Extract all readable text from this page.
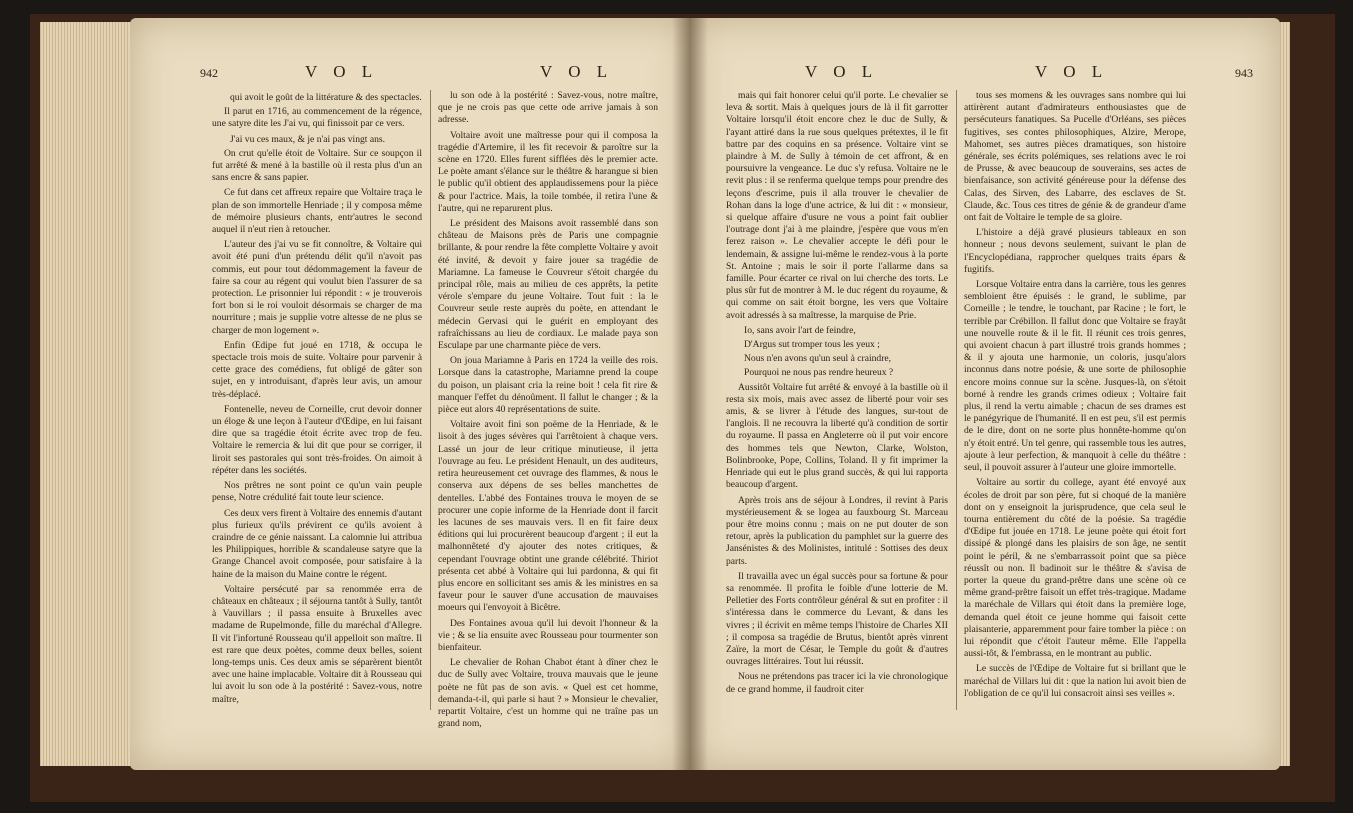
942	V O L	V O L

qui avoit le goût de la littérature & des spectacles.

Il parut en 1716, au commencement de la régence, une satyre dite les J'ai vu, qui finissoit par ce vers.

J'ai vu ces maux, & je n'ai pas vingt ans.

On crut qu'elle étoit de Voltaire. Sur ce soupçon il fut arrêté & mené à la bastille où il resta plus d'un an sans encre & sans papier.

Ce fut dans cet affreux repaire que Voltaire traça le plan de son immortelle Henriade ; il y composa même de mémoire plusieurs chants, entr'autres le second auquel il n'eut rien à retoucher.

L'auteur des j'ai vu se fit connoître, & Voltaire qui avoit été puni d'un prétendu délit qu'il n'avoit pas commis, eut pour tout dédommagement la faveur de faire sa cour au régent qui voulut bien l'assurer de sa protection. Le prisonnier lui répondit : « je trouverois fort bon si le roi vouloit désormais se charger de ma nourriture ; mais je supplie votre altesse de ne plus se charger de mon logement ».

Enfin Œdipe fut joué en 1718, & occupa le spectacle trois mois de suite. Voltaire pour parvenir à cette grace des comédiens, fut obligé de gâter son sujet, en y introduisant, d'après leur avis, un amour très-déplacé.

Fontenelle, neveu de Corneille, crut devoir donner un éloge & une leçon à l'auteur d'Œdipe, en lui faisant dire que sa tragédie étoit écrite avec trop de feu. Voltaire le remercia & lui dit que pour se corriger, il liroit ses pastorales qui sont très-froides. On aimoit à répéter dans les sociétés.

Nos prêtres ne sont point ce qu'un vain peuple pense, Notre crédulité fait toute leur science.

Ces deux vers firent à Voltaire des ennemis d'autant plus furieux qu'ils prévirent ce qu'ils avoient à craindre de ce génie naissant. La calomnie lui attribua les Philippiques, horrible & scandaleuse satyre que la Grange Chancel avoit composée, pour satisfaire à la haine de la maison du Maine contre le régent.

Voltaire persécuté par sa renommée erra de châteaux en châteaux ; il séjourna tantôt à Sully, tantôt à Vauvillars ; il passa ensuite à Bruxelles avec madame de Rupelmonde, fille du maréchal d'Allegre. Il vit l'infortuné Rousseau qu'il appelloit son maître. Il est rare que deux poètes, comme deux belles, soient long-temps unis. Ces deux amis se séparèrent bientôt avec une haine implacable. Voltaire dit à Rousseau qui lui avoit lu son ode à la postérité : Savez-vous, notre maître,

lu son ode à la postérité : Savez-vous, notre maître, que je ne crois pas que cette ode arrive jamais à son adresse.

Voltaire avoit une maîtresse pour qui il composa la tragédie d'Artemire, il les fit recevoir & paroître sur la scène en 1720. Elles furent sifflées dès le premier acte. Le poète amant s'élance sur le théâtre & harangue si bien le public qu'il obtient des applaudissemens pour la pièce & pour l'actrice. Mais, la toile tombée, il retira l'une & l'autre, qui ne reparurent plus.

Le président des Maisons avoit rassemblé dans son château de Maisons près de Paris une compagnie brillante, & pour rendre la fête complette Voltaire y avoit été invité, & devoit y faire jouer sa tragédie de Mariamne. La fameuse le Couvreur s'étoit chargée du principal rôle, mais au milieu de ces apprêts, la petite vérole s'empare du jeune Voltaire. Tout fuit : la le Couvreur seule reste auprès du poète, en attendant le médecin Gervasi qui le guérit en employant des rafraîchissans au lieu de cordiaux. Le malade paya son Esculape par une charmante pièce de vers.

On joua Mariamne à Paris en 1724 la veille des rois. Lorsque dans la catastrophe, Mariamne prend la coupe du poison, un plaisant cria la reine boit ! cela fit rire & manquer l'effet du dénoûment. Il fallut le changer ; & la pièce eut alors 40 représentations de suite.

Voltaire avoit fini son poëme de la Henriade, & le lisoit à des juges sévères qui l'arrêtoient à chaque vers. Lassé un jour de leur critique minutieuse, il jetta l'ouvrage au feu. Le président Henault, un des auditeurs, retira heureusement cet ouvrage des flammes, & nous le conserva aux dépens de ses belles manchettes de dentelles. L'abbé des Fontaines trouva le moyen de se procurer une copie informe de la Henriade dont il farcit les lacunes de ses mauvais vers. Il en fit faire deux éditions qui lui procurèrent beaucoup d'argent ; il eut la malhonnêteté d'y ajouter des notes critiques, & cependant l'ouvrage obtint une grande célébrité. Thiriot présenta cet abbé à Voltaire qui lui pardonna, & qui fit plus encore en sollicitant ses amis & les ministres en sa faveur pour le sauver d'une accusation de mauvaises moeurs qui l'envoyoit à Bicêtre.

Des Fontaines avoua qu'il lui devoit l'honneur & la vie ; & se lia ensuite avec Rousseau pour tourmenter son bienfaiteur.

Le chevalier de Rohan Chabot étant à dîner chez le duc de Sully avec Voltaire, trouva mauvais que le jeune poète ne fût pas de son avis. « Quel est cet homme, demanda-t-il, qui parle si haut ? » Monsieur le chevalier, repartit Voltaire, c'est un homme qui ne traîne pas un grand nom,

943
V O L	V O L

mais qui fait honorer celui qu'il porte. Le chevalier se leva & sortit. Mais à quelques jours de là il fit garrotter Voltaire lorsqu'il étoit encore chez le duc de Sully, & l'ayant attiré dans la rue sous quelques prétextes, il le fit battre par des coquins en sa présence. Voltaire vint se plaindre à M. de Sully à témoin de cet affront, & en poursuivre la vengeance. Le duc s'y refusa. Voltaire ne le revit plus : il se renferma quelque temps pour prendre des leçons d'escrime, puis il alla trouver le chevalier de Rohan dans la loge d'une actrice, & lui dit : « monsieur, si quelque affaire d'usure ne vous a point fait oublier l'outrage dont j'ai à me plaindre, j'espère que vous m'en ferez raison ». Le chevalier accepte le défi pour le lendemain, & assigne lui-même le rendez-vous à la porte St. Antoine ; mais le soir il porte l'allarme dans sa famille. Pour écarter ce rival on lui cherche des torts. Le plus sûr fut de montrer à M. le duc régent du royaume, & qui comme on sait étoit borgne, les vers que Voltaire avoit adressés à sa maîtresse, la marquise de Prie.

Io, sans avoir l'art de feindre,

D'Argus sut tromper tous les yeux ;

Nous n'en avons qu'un seul à craindre,

Pourquoi ne nous pas rendre heureux ?

Aussitôt Voltaire fut arrêté & envoyé à la bastille où il resta six mois, mais avec assez de liberté pour voir ses amis, & se livrer à l'étude des langues, sur-tout de l'anglois. Il ne recouvra la liberté qu'à condition de sortir du royaume. Il passa en Angleterre où il put voir encore des hommes tels que Newton, Clarke, Wolston, Bolinbrooke, Pope, Collins, Toland. Il y fit imprimer la Henriade qui eut le plus grand succès, & qui lui rapporta beaucoup d'argent.

Après trois ans de séjour à Londres, il revint à Paris mystérieusement & se logea au fauxbourg St. Marceau pour être moins connu ; mais on ne put douter de son retour, après la publication du pamphlet sur la guerre des Jansénistes & des Molinistes, intitulé : Sottises des deux parts.

Il travailla avec un égal succès pour sa fortune & pour sa renommée. Il profita le foible d'une lotterie de M. Pelletier des Forts contrôleur général & sut en profiter : il s'intéressa dans le commerce du Levant, & dans les vivres ; il écrivit en même temps l'histoire de Charles XII ; il composa sa tragédie de Brutus, bientôt après vinrent Zaïre, la mort de César, le Temple du goût & d'autres ouvrages littéraires. Tout lui réussit.

Nous ne prétendons pas tracer ici la vie chronologique de ce grand homme, il faudroit citer

tous ses momens & les ouvrages sans nombre qui lui attirèrent autant d'admirateurs enthousiastes que de persécuteurs fanatiques. Sa Pucelle d'Orléans, ses pièces fugitives, ses contes philosophiques, Alzire, Merope, Mahomet, ses autres pièces dramatiques, son histoire générale, ses écrits polémiques, ses relations avec le roi de Prusse, & avec beaucoup de souverains, ses actes de bienfaisance, son activité généreuse pour la défense des Calas, des Sirven, des Labarre, des esclaves de St. Claude, &c. Tous ces titres de génie & de grandeur d'ame ont fait de Voltaire le temple de sa gloire.

L'histoire a déjà gravé plusieurs tableaux en son honneur ; nous devons seulement, suivant le plan de l'Encyclopédiana, rapprocher quelques traits épars & fugitifs.

Lorsque Voltaire entra dans la carrière, tous les genres sembloient être épuisés : le grand, le sublime, par Corneille ; le tendre, le touchant, par Racine ; le fort, le terrible par Crébillon. Il fallut donc que Voltaire se frayât une nouvelle route & il le fit. Il réunit ces trois genres, qui avoient chacun à part illustré trois grands hommes ; & il y ajouta une harmonie, un coloris, jusqu'alors inconnus dans notre poésie, & une sorte de philosophie encore moins connue sur la scène. Jusques-là, on s'étoit borné à rendre les grands crimes odieux ; Voltaire fait plus, il rend la vertu aimable ; chacun de ses drames est le panégyrique de l'humanité. Il en est peu, s'il est permis de le dire, dont on ne sorte plus honnête-homme qu'on n'y étoit entré. Un tel genre, qui rassemble tous les autres, ajoute à leur perfection, & manquoit à celle du théâtre : seul, il pouvoit assurer à l'auteur une gloire immortelle.

Voltaire au sortir du college, ayant été envoyé aux écoles de droit par son père, fut si choqué de la manière dont on y enseignoit la jurisprudence, que cela seul le tourna entièrement du côté de la poésie. Sa tragédie d'Œdipe fut jouée en 1718. Le jeune poète qui étoit fort dissipé & plongé dans les plaisirs de son âge, ne sentit point le péril, & ne s'embarrassoit point que sa pièce réussît ou non. Il badinoit sur le théâtre & s'avisa de porter la queue du grand-prêtre dans une scène où ce même grand-prêtre faisoit un effet très-tragique. Madame la maréchale de Villars qui étoit dans la première loge, demanda quel étoit ce jeune homme qui faisoit cette plaisanterie, apparemment pour faire tomber la pièce : on lui répondit que c'étoit l'auteur même. Elle l'appella aussi-tôt, & l'embrassa, en le montrant au public.

Le succès de l'Œdipe de Voltaire fut si brillant que le maréchal de Villars lui dit : que la nation lui avoit bien de l'obligation de ce qu'il lui consacroit ainsi ses veilles ».
